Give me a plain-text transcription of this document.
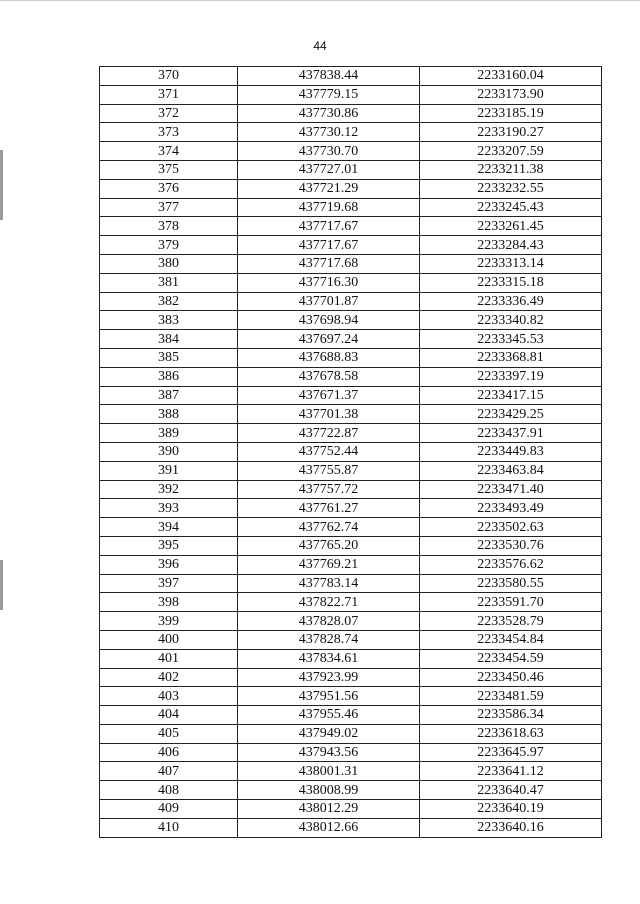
44
370	437838.44	2233160.04
371	437779.15	2233173.90
372	437730.86	2233185.19
373	437730.12	2233190.27
374	437730.70	2233207.59
375	437727.01	2233211.38
376	437721.29	2233232.55
377	437719.68	2233245.43
378	437717.67	2233261.45
379	437717.67	2233284.43
380	437717.68	2233313.14
381	437716.30	2233315.18
382	437701.87	2233336.49
383	437698.94	2233340.82
384	437697.24	2233345.53
385	437688.83	2233368.81
386	437678.58	2233397.19
387	437671.37	2233417.15
388	437701.38	2233429.25
389	437722.87	2233437.91
390	437752.44	2233449.83
391	437755.87	2233463.84
392	437757.72	2233471.40
393	437761.27	2233493.49
394	437762.74	2233502.63
395	437765.20	2233530.76
396	437769.21	2233576.62
397	437783.14	2233580.55
398	437822.71	2233591.70
399	437828.07	2233528.79
400	437828.74	2233454.84
401	437834.61	2233454.59
402	437923.99	2233450.46
403	437951.56	2233481.59
404	437955.46	2233586.34
405	437949.02	2233618.63
406	437943.56	2233645.97
407	438001.31	2233641.12
408	438008.99	2233640.47
409	438012.29	2233640.19
410	438012.66	2233640.16
